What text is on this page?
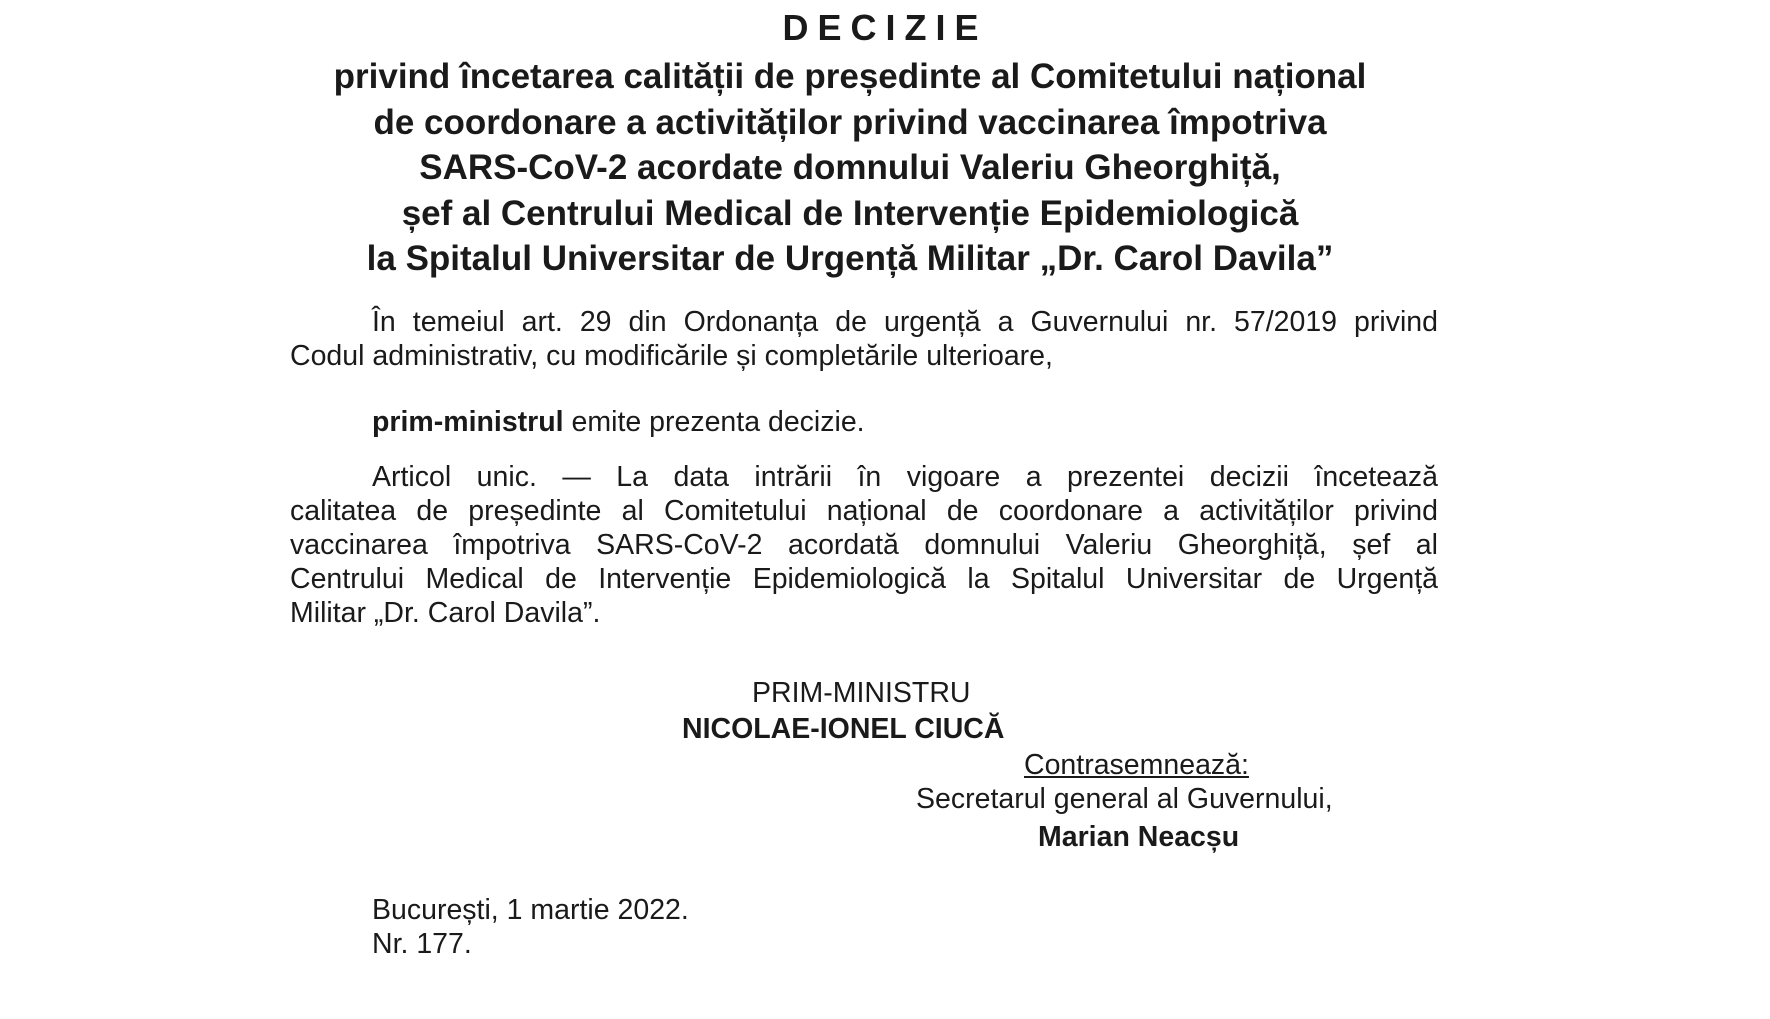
DECIZIE
privind încetarea calității de președinte al Comitetului național
de coordonare a activităților privind vaccinarea împotriva
SARS-CoV-2 acordate domnului Valeriu Gheorghiță,
șef al Centrului Medical de Intervenție Epidemiologică
la Spitalul Universitar de Urgență Militar „Dr. Carol Davila”
În temeiul art. 29 din Ordonanța de urgență a Guvernului nr. 57/2019 privind
Codul administrativ, cu modificările și completările ulterioare,
prim-ministrul emite prezenta decizie.
Articol unic. — La data intrării în vigoare a prezentei decizii încetează
calitatea de președinte al Comitetului național de coordonare a activităților privind
vaccinarea împotriva SARS-CoV-2 acordată domnului Valeriu Gheorghiță, șef al
Centrului Medical de Intervenție Epidemiologică la Spitalul Universitar de Urgență
Militar „Dr. Carol Davila”.
PRIM-MINISTRU
NICOLAE-IONEL CIUCĂ
Contrasemnează:
Secretarul general al Guvernului,
Marian Neacșu
București, 1 martie 2022.
Nr. 177.
